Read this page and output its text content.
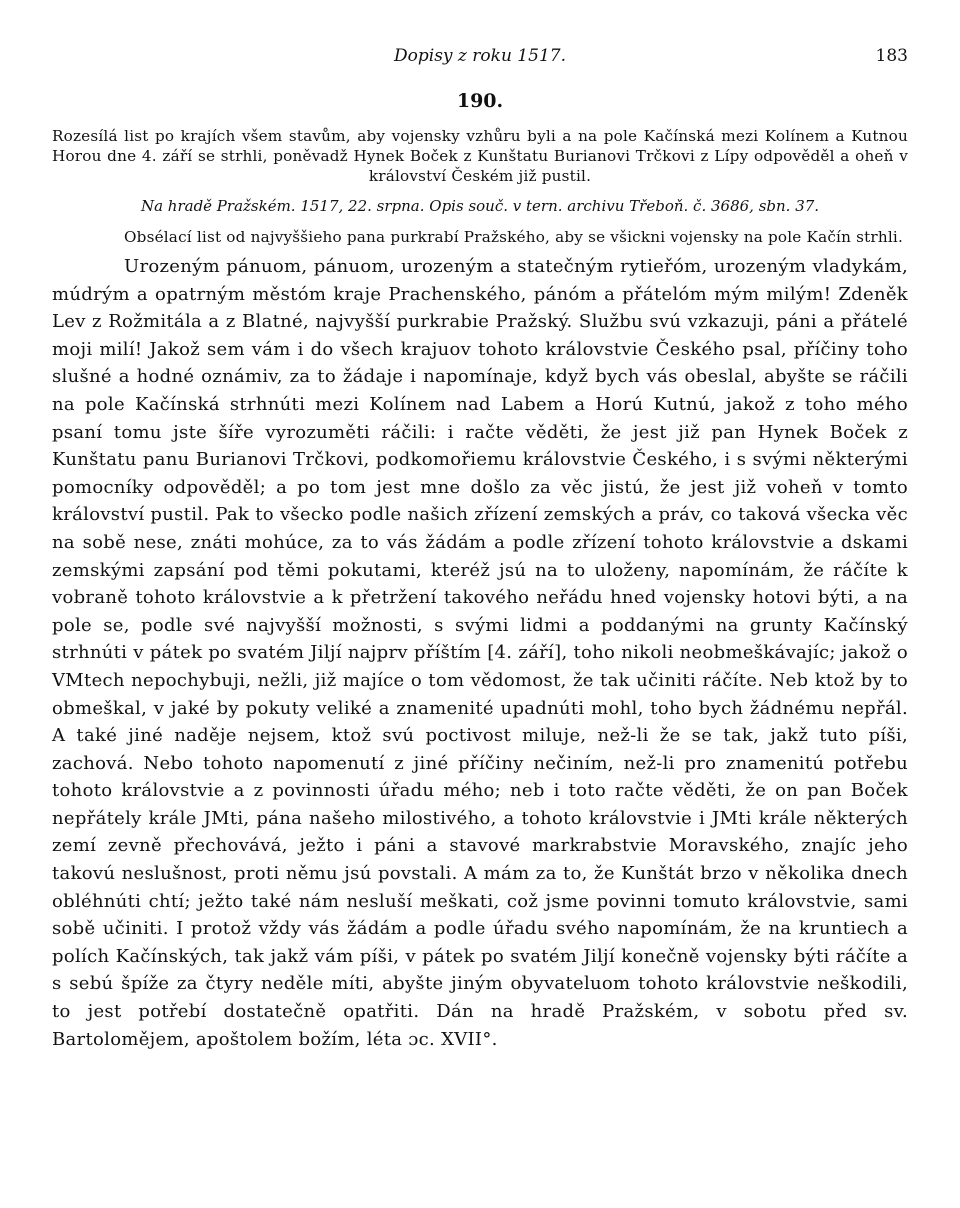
Dopisy z roku 1517.	183
190.
Rozesílá list po krajích všem stavům, aby vojensky vzhůru byli a na pole Kačínská mezi Kolínem a Kutnou Horou dne 4. září se strhli, poněvadž Hynek Boček z Kunštatu Burianovi Trčkovi z Lípy odpověděl a oheň v království Českém již pustil.
Na hradě Pražském. 1517, 22. srpna. Opis souč. v tern. archivu Třeboň. č. 3686, sbn. 37.
Obsélací list od najvyššieho pana purkrabí Pražského, aby se všickni vojensky na pole Kačín strhli.
Urozeným pánuom, pánuom, urozeným a statečným rytieřóm, urozeným vladykám, múdrým a opatrným městóm kraje Prachenského, pánóm a přátelóm mým milým! Zdeněk Lev z Rožmitála a z Blatné, najvyšší purkrabie Pražský. Službu svú vzkazuji, páni a přátelé moji milí! Jakož sem vám i do všech krajuov tohoto královstvie Českého psal, příčiny toho slušné a hodné oznámiv, za to žádaje i napomínaje, když bych vás obeslal, abyšte se ráčili na pole Kačínská strhnúti mezi Kolínem nad Labem a Horú Kutnú, jakož z toho mého psaní tomu jste šíře vyrozuměti ráčili: i račte věděti, že jest již pan Hynek Boček z Kunštatu panu Burianovi Trčkovi, podkomořiemu královstvie Českého, i s svými některými pomocníky odpověděl; a po tom jest mne došlo za věc jistú, že jest již voheň v tomto království pustil. Pak to všecko podle našich zřízení zemských a práv, co taková všecka věc na sobě nese, znáti mohúce, za to vás žádám a podle zřízení tohoto královstvie a dskami zemskými zapsání pod těmi pokutami, kteréž jsú na to uloženy, napomínám, že ráčíte k vobraně tohoto královstvie a k přetržení takového neřádu hned vojensky hotovi býti, a na pole se, podle své najvyšší možnosti, s svými lidmi a poddanými na grunty Kačínský strhnúti v pátek po svatém Jiljí najprv příštím [4. září], toho nikoli neobmeškávajíc; jakož o VMtech nepochybuji, nežli, již majíce o tom vědomost, že tak učiniti ráčíte. Neb ktož by to obmeškal, v jaké by pokuty veliké a znamenité upadnúti mohl, toho bych žádnému nepřál. A také jiné naděje nejsem, ktož svú poctivost miluje, než-li že se tak, jakž tuto píši, zachová. Nebo tohoto napomenutí z jiné příčiny nečiním, než-li pro znamenitú potřebu tohoto královstvie a z povinnosti úřadu mého; neb i toto račte věděti, že on pan Boček nepřátely krále JMti, pána našeho milostivého, a tohoto královstvie i JMti krále některých zemí zevně přechovává, ježto i páni a stavové markrabstvie Moravského, znajíc jeho takovú neslušnost, proti němu jsú povstali. A mám za to, že Kunštát brzo v několika dnech obléhnúti chtí; ježto také nám nesluší meškati, což jsme povinni tomuto královstvie, sami sobě učiniti. I protož vždy vás žádám a podle úřadu svého napomínám, že na kruntiech a polích Kačínských, tak jakž vám píši, v pátek po svatém Jiljí konečně vojensky býti ráčíte a s sebú špíže za čtyry neděle míti, abyšte jiným obyvateluom tohoto královstvie neškodili, to jest potřebí dostatečně opatřiti. Dán na hradě Pražském, v sobotu před sv. Bartolomějem, apoštolem božím, léta ɔc. XVII°.
